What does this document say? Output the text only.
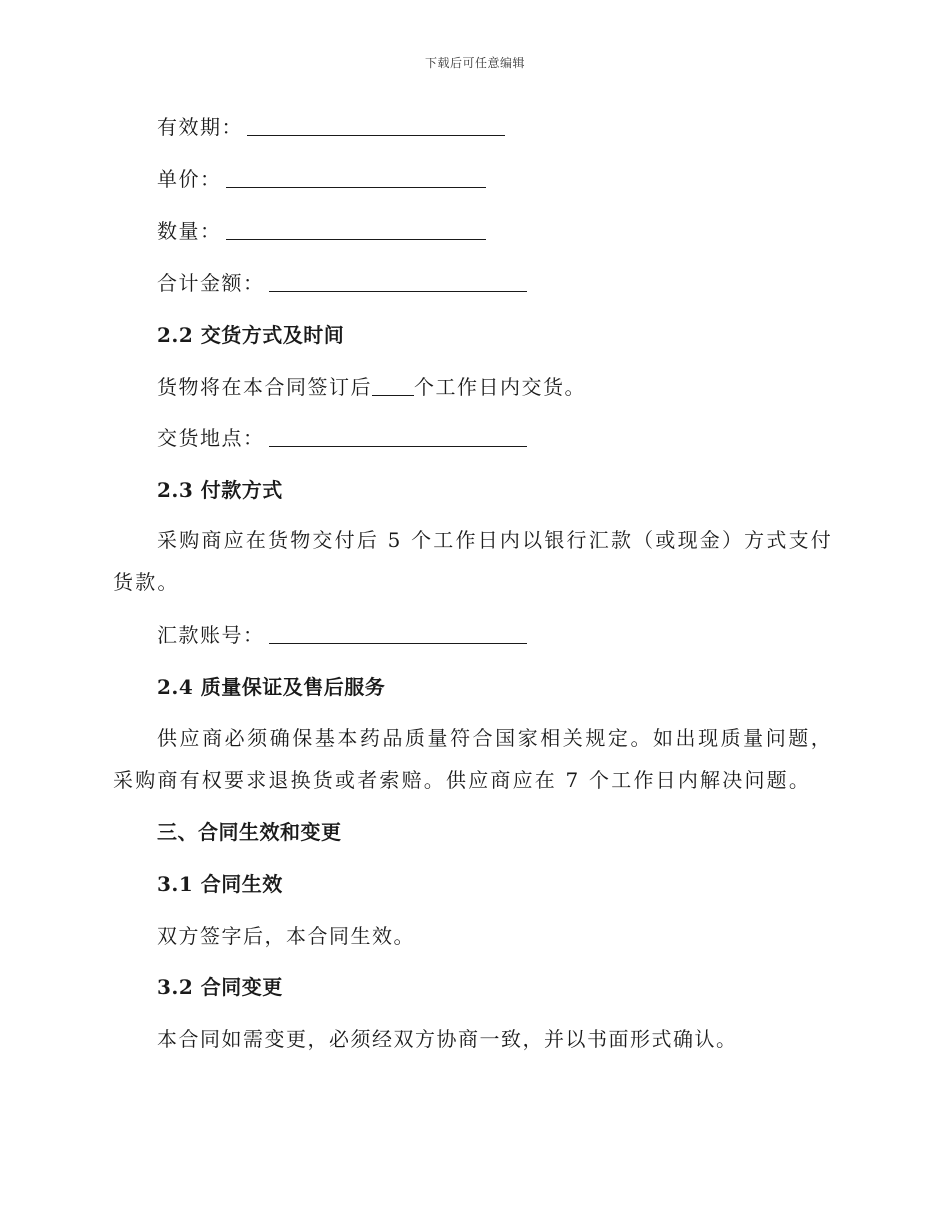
下载后可任意编辑
有效期：
单价：
数量：
合计金额：
2.2 交货方式及时间
货物将在本合同签订后 个工作日内交货。
交货地点：
2.3 付款方式
采购商应在货物交付后 5 个工作日内以银行汇款（或现金）方式支付货款。
汇款账号：
2.4 质量保证及售后服务
供应商必须确保基本药品质量符合国家相关规定。如出现质量问题，采购商有权要求退换货或者索赔。供应商应在 7 个工作日内解决问题。
三、合同生效和变更
3.1 合同生效
双方签字后，本合同生效。
3.2 合同变更
本合同如需变更，必须经双方协商一致，并以书面形式确认。
